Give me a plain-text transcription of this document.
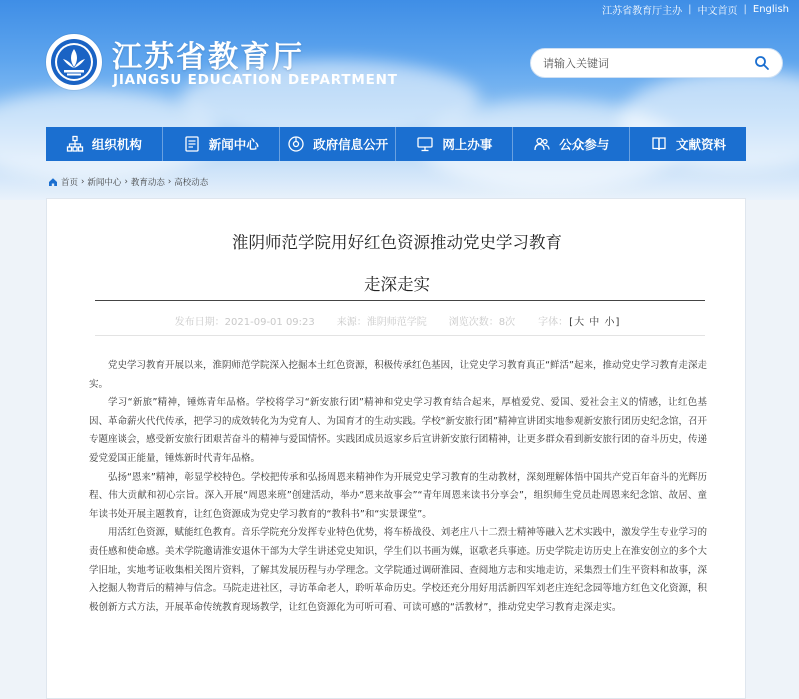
江苏省教育厅主办 | 中文首页 | English
江苏省教育厅
JIANGSU EDUCATION DEPARTMENT
请输入关键词
组织机构	新闻中心	政府信息公开	网上办事	公众参与	文献资料
首页 › 新闻中心 › 教育动态 › 高校动态
淮阴师范学院用好红色资源推动党史学习教育
走深走实
发布日期：2021-09-01 09:23 来源：淮阴师范学院 浏览次数：8次 字体：[大 中 小]

党史学习教育开展以来，淮阴师范学院深入挖掘本土红色资源，积极传承红色基因，让党史学习教育真正“鲜活”起来，推动党史学习教育走深走实。

学习“新旅”精神，锤炼青年品格。学校将学习“新安旅行团”精神和党史学习教育结合起来，厚植爱党、爱国、爱社会主义的情感，让红色基因、革命薪火代代传承，把学习的成效转化为为党育人、为国育才的生动实践。学校“新安旅行团”精神宣讲团实地参观新安旅行团历史纪念馆，召开专题座谈会，感受新安旅行团艰苦奋斗的精神与爱国情怀。实践团成员返家乡后宣讲新安旅行团精神，让更多群众看到新安旅行团的奋斗历史，传递爱党爱国正能量，锤炼新时代青年品格。

弘扬“恩来”精神，彰显学校特色。学校把传承和弘扬周恩来精神作为开展党史学习教育的生动教材，深刻理解体悟中国共产党百年奋斗的光辉历程、伟大贡献和初心宗旨。深入开展“周恩来班”创建活动，举办“恩来故事会”“青年周恩来读书分享会”，组织师生党员赴周恩来纪念馆、故居、童年读书处开展主题教育，让红色资源成为党史学习教育的“教科书”和“实景课堂”。

用活红色资源，赋能红色教育。音乐学院充分发挥专业特色优势，将车桥战役、刘老庄八十二烈士精神等融入艺术实践中，激发学生专业学习的责任感和使命感。美术学院邀请淮安退休干部为大学生讲述党史知识，学生们以书画为媒，讴歌老兵事迹。历史学院走访历史上在淮安创立的多个大学旧址，实地考证收集相关图片资料，了解其发展历程与办学理念。文学院通过调研淮园、查阅地方志和实地走访，采集烈士们生平资料和故事，深入挖掘人物背后的精神与信念。马院走进社区，寻访革命老人，聆听革命历史。学校还充分用好用活新四军刘老庄连纪念园等地方红色文化资源，积极创新方式方法，开展革命传统教育现场教学，让红色资源化为可听可看、可读可感的“活教材”，推动党史学习教育走深走实。
